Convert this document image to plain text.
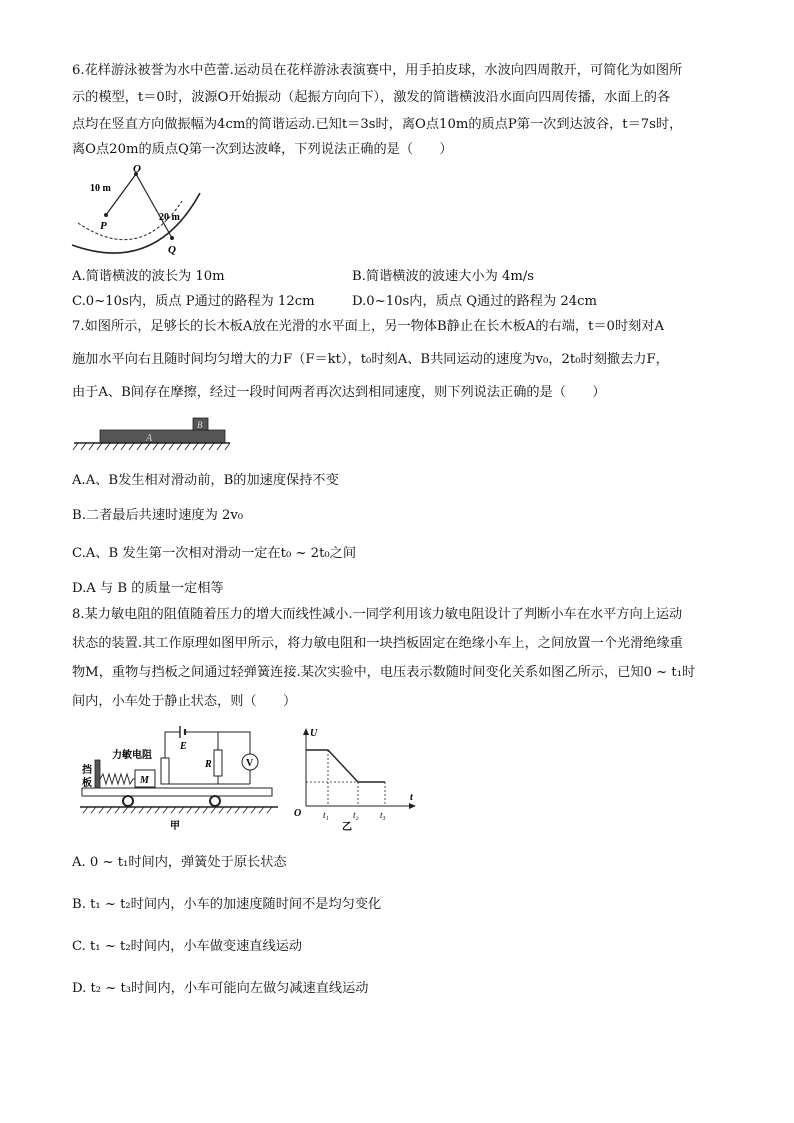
6.花样游泳被誉为水中芭蕾.运动员在花样游泳表演赛中，用手拍皮球，水波向四周散开，可简化为如图所
示的模型，t＝0时，波源O开始振动（起振方向向下），激发的简谐横波沿水面向四周传播，水面上的各
点均在竖直方向做振幅为4cm的简谐运动.已知t＝3s时，离O点10m的质点P第一次到达波谷，t＝7s时，
离O点20m的质点Q第一次到达波峰，下列说法正确的是（　　）
O
10 m
P
20 m
Q
A.简谐横波的波长为 10m	B.简谐横波的波速大小为 4m/s
C.0~10s内，质点 P通过的路程为 12cm	D.0~10s内，质点 Q通过的路程为 24cm
7.如图所示，足够长的长木板A放在光滑的水平面上，另一物体B静止在长木板A的右端，t＝0时刻对A
施加水平向右且随时间均匀增大的力F（F＝kt），t₀时刻A、B共同运动的速度为v₀，2t₀时刻撤去力F，
由于A、B间存在摩擦，经过一段时间两者再次达到相同速度，则下列说法正确的是（　　）
A
B
A.A、B发生相对滑动前，B的加速度保持不变
B.二者最后共速时速度为 2v₀
C.A、B 发生第一次相对滑动一定在t₀ ~ 2t₀之间
D.A 与 B 的质量一定相等
8.某力敏电阻的阻值随着压力的增大而线性减小.一同学利用该力敏电阻设计了判断小车在水平方向上运动
状态的装置.其工作原理如图甲所示，将力敏电阻和一块挡板固定在绝缘小车上，之间放置一个光滑绝缘重
物M，重物与挡板之间通过轻弹簧连接.某次实验中，电压表示数随时间变化关系如图乙所示，已知0 ~ t₁时
间内，小车处于静止状态，则（　　）
E
力敏电阻
R	V
M
挡
板
甲
U
O
t
t₁	t₂ t₃
乙
A. 0 ~ t₁时间内，弹簧处于原长状态
B. t₁ ~ t₂时间内，小车的加速度随时间不是均匀变化
C. t₁ ~ t₂时间内，小车做变速直线运动
D. t₂ ~ t₃时间内，小车可能向左做匀减速直线运动
